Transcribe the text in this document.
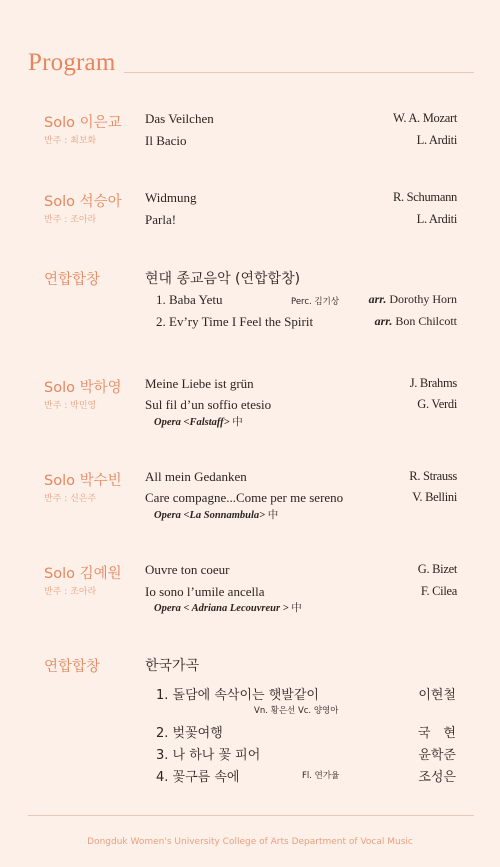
Program
Solo 이은교
반주 : 최보화
Das Veilchen	W. A. Mozart
Il Bacio	L. Arditi
Solo 석승아
반주 : 조아라
Widmung	R. Schumann
Parla!	L. Arditi
연합합창	현대 종교음악 (연합합창)
1. Baba Yetu	Perc. 김기상 arr. Dorothy Horn
2. Ev’ry Time I Feel the Spirit	arr. Bon Chilcott
Solo 박하영
반주 : 박민영
Meine Liebe ist grün	J. Brahms
Sul fil d’un soffio etesio	G. Verdi
Opera <Falstaff> 中
Solo 박수빈
반주 : 신은주
All mein Gedanken	R. Strauss
Care compagne...Come per me sereno	V. Bellini
Opera <La Sonnambula> 中
Solo 김예원
반주 : 조아라
Ouvre ton coeur	G. Bizet
Io sono l’umile ancella	F. Cilea
Opera < Adriana Lecouvreur > 中
연합합창	한국가곡
1. 돌담에 속삭이는 햇발같이	이현철
Vn. 황은선 Vc. 양영아
2. 벚꽃여행	국　현
3. 나 하나 꽃 피어	윤학준
4. 꽃구름 속에	Fl. 연가율	조성은
Dongduk Women's University College of Arts Department of Vocal Music
